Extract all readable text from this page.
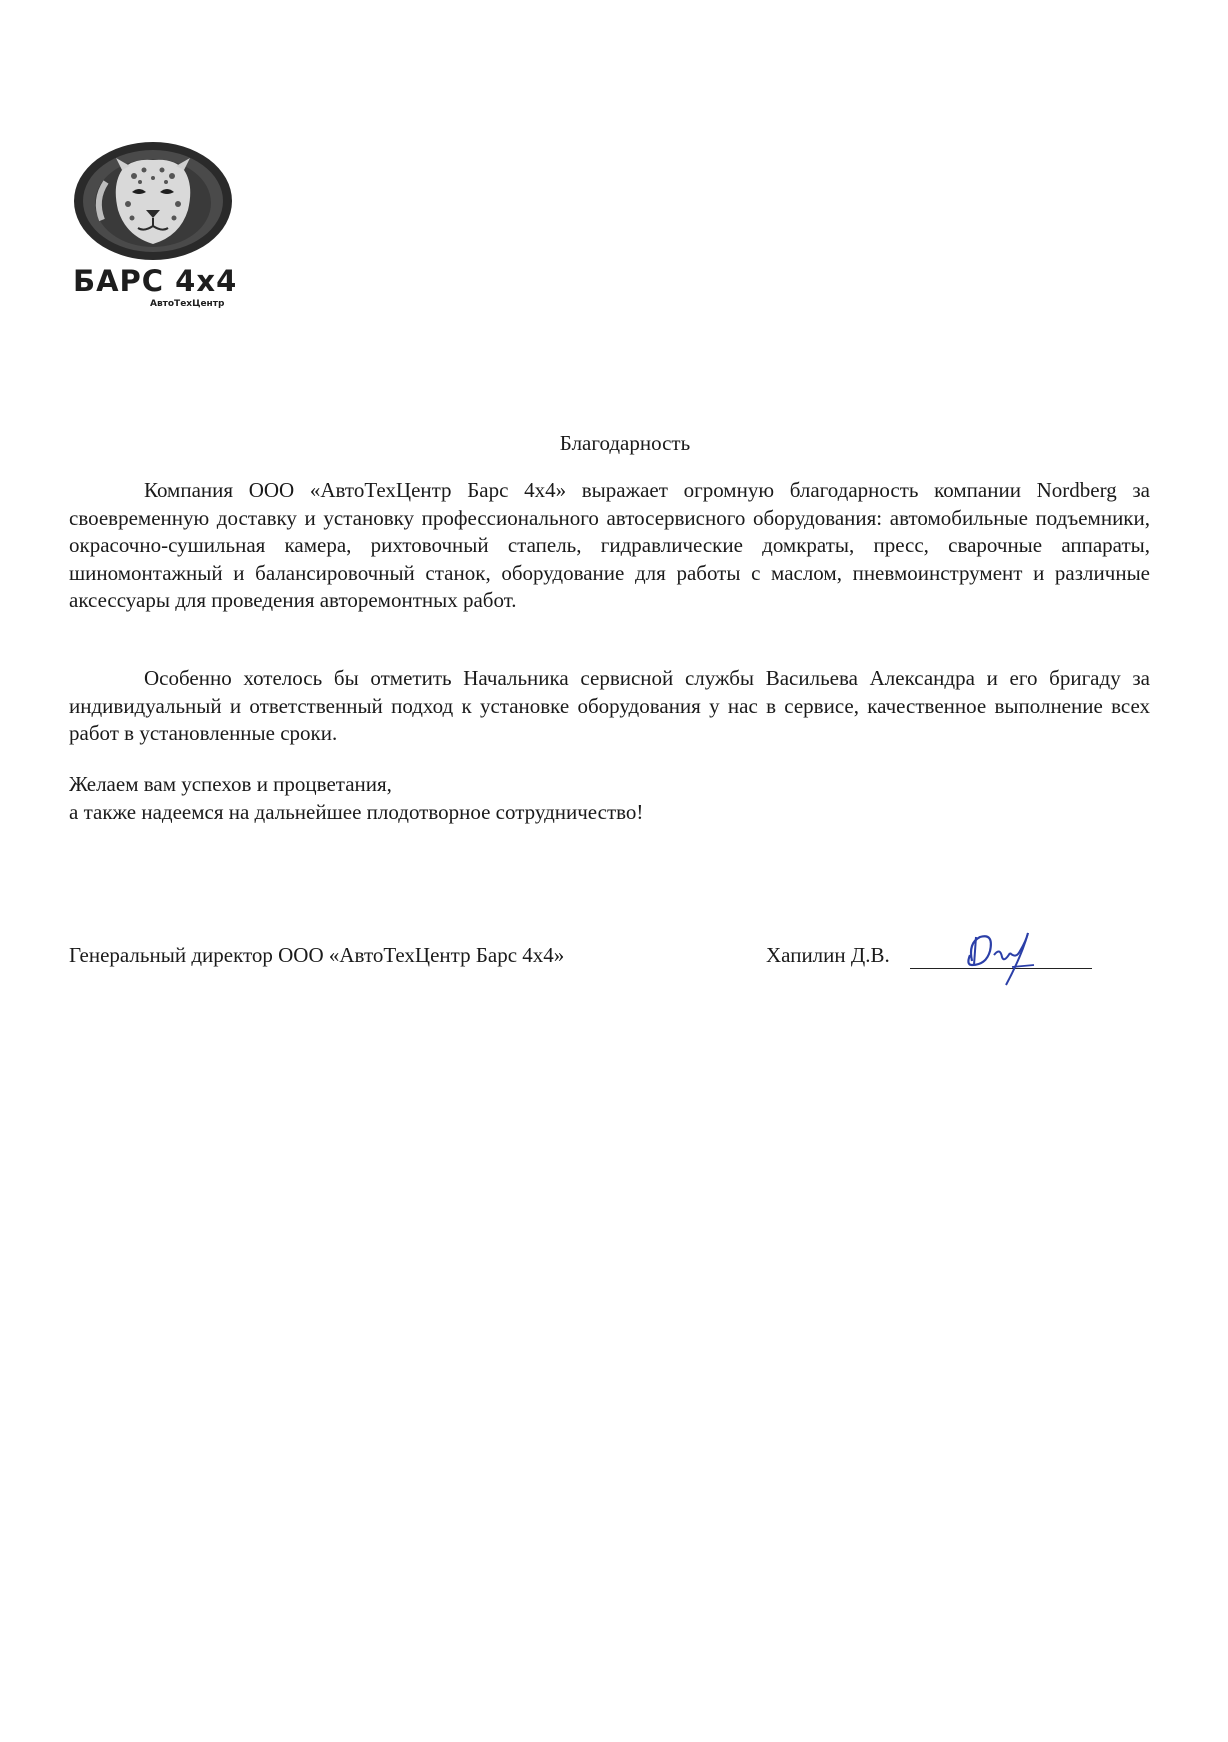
БАРС 4x4
АвтоТехЦентр
Благодарность
Компания ООО «АвтоТехЦентр Барс 4х4» выражает огромную благодарность компании Nordberg за своевременную доставку и установку профессионального автосервисного оборудования: автомобильные подъемники, окрасочно-сушильная камера, рихтовочный стапель, гидравлические домкраты, пресс, сварочные аппараты, шиномонтажный и балансировочный станок, оборудование для работы с маслом, пневмоинструмент и различные аксессуары для проведения авторемонтных работ.
Особенно хотелось бы отметить Начальника сервисной службы Васильева Александра и его бригаду за индивидуальный и ответственный подход к установке оборудования у нас в сервисе, качественное выполнение всех работ в установленные сроки.
Желаем вам успехов и процветания,
а также надеемся на дальнейшее плодотворное сотрудничество!
Генеральный директор ООО «АвтоТехЦентр Барс 4х4»	Хапилин Д.В.
